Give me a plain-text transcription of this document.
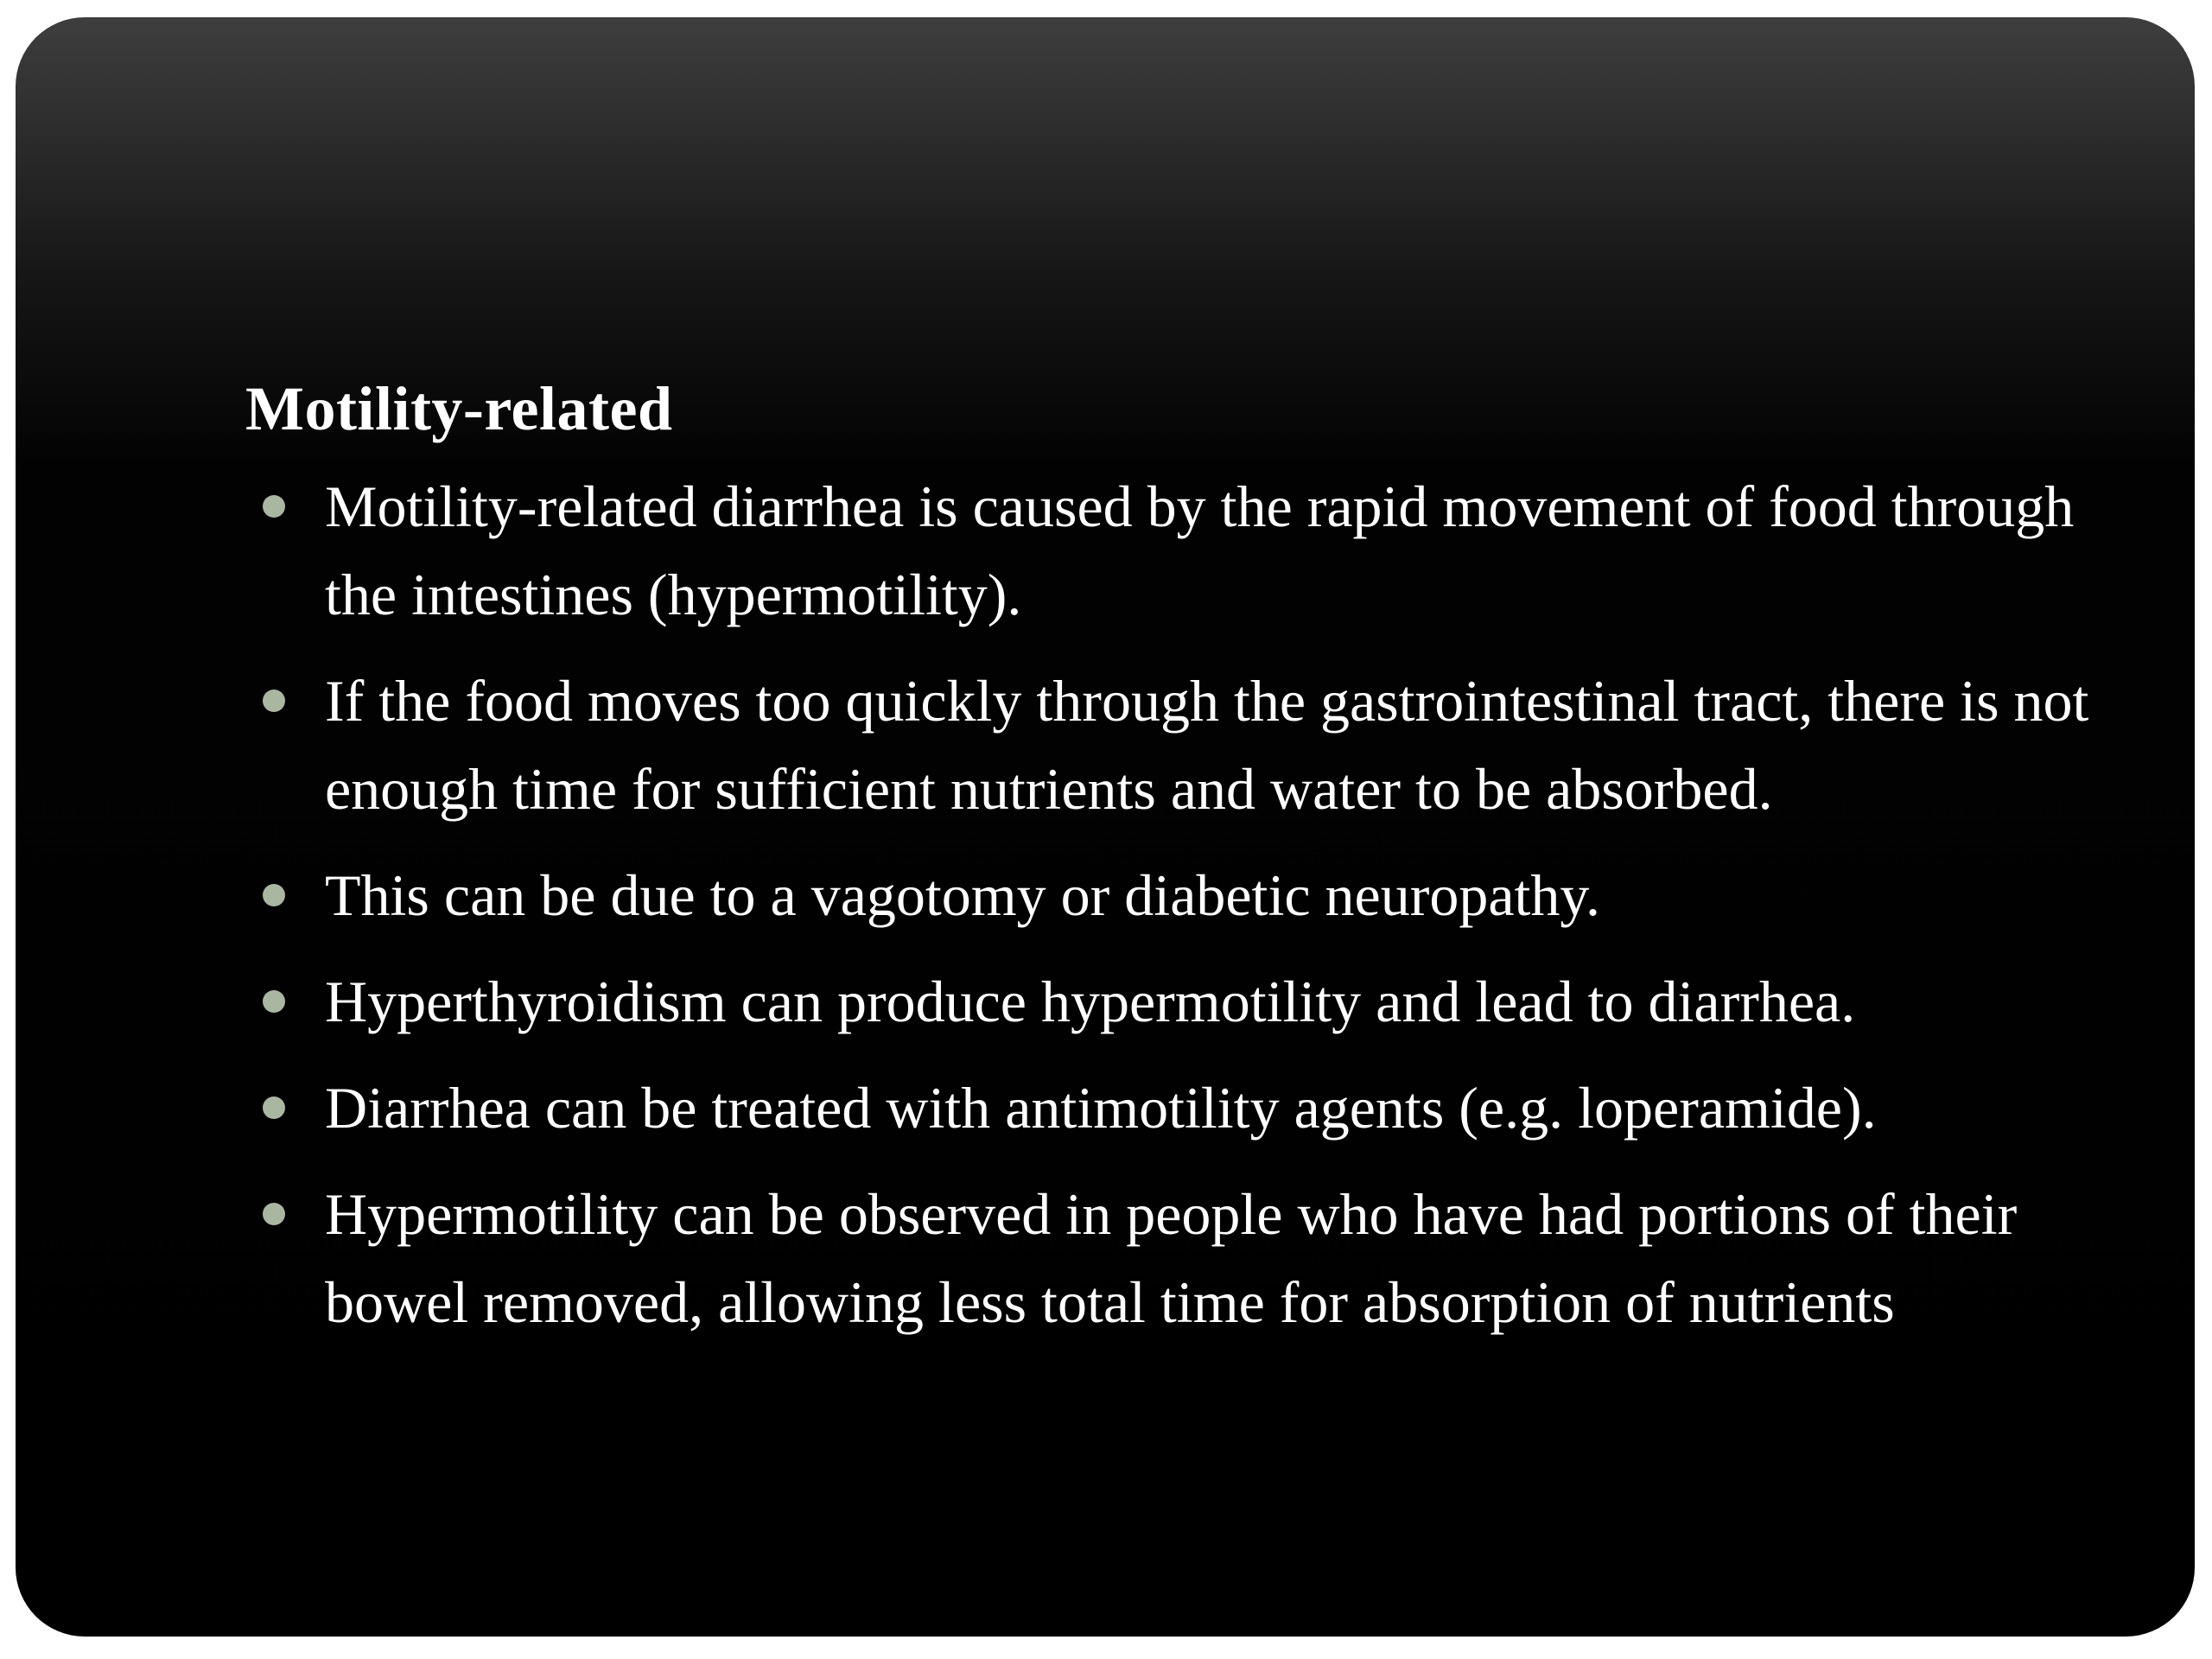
Motility-related
Motility-related diarrhea is caused by the rapid movement of food through the intestines (hypermotility).
If the food moves too quickly through the gastrointestinal tract, there is not enough time for sufficient nutrients and water to be absorbed.
This can be due to a vagotomy or diabetic neuropathy.
Hyperthyroidism can produce hypermotility and lead to diarrhea.
Diarrhea can be treated with antimotility agents (e.g. loperamide).
Hypermotility can be observed in people who have had portions of their bowel removed, allowing less total time for absorption of nutrients
